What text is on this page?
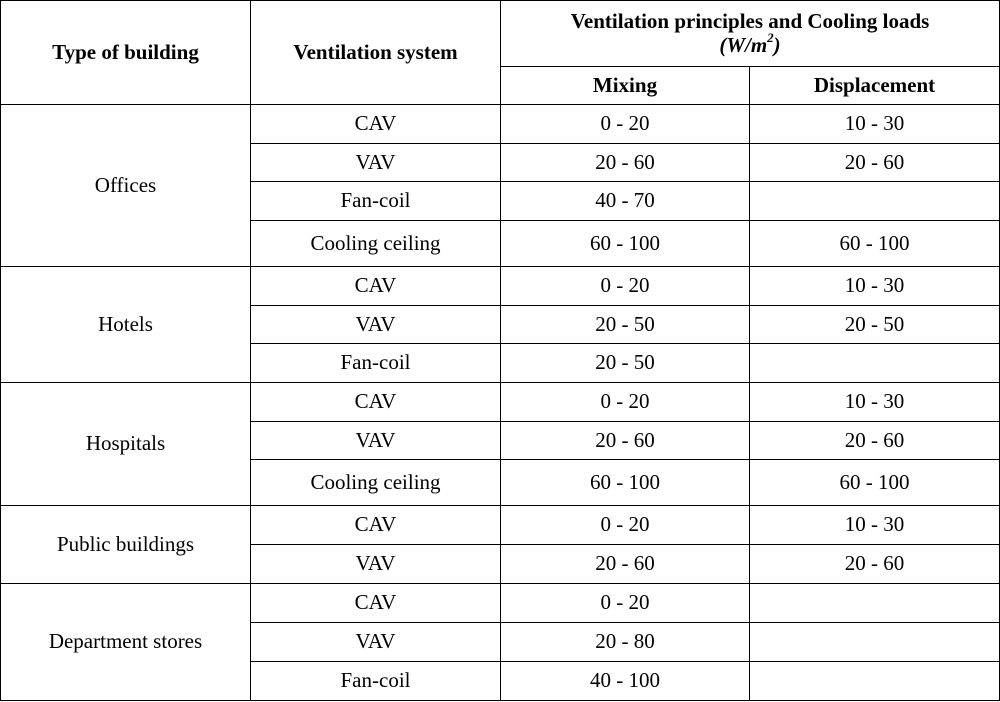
Type of building	Ventilation system	Ventilation principles and Cooling loads
$(W/m^2)$	

		Mixing	Displacement
Offices	CAV	0 - 20	10 - 30
	VAV	20 - 60	20 - 60
	Fan-coil	40 - 70	
	Cooling ceiling	60 - 100	60 - 100
Hotels	CAV	0 - 20	10 - 30
	VAV	20 - 50	20 - 50
	Fan-coil	20 - 50	
Hospitals	CAV	0 - 20	10 - 30
	VAV	20 - 60	20 - 60
	Cooling ceiling	60 - 100	60 - 100
Public buildings	CAV	0 - 20	10 - 30
	VAV	20 - 60	20 - 60
Department stores	CAV	0 - 20	
	VAV	20 - 80	
	Fan-coil	40 - 100	
